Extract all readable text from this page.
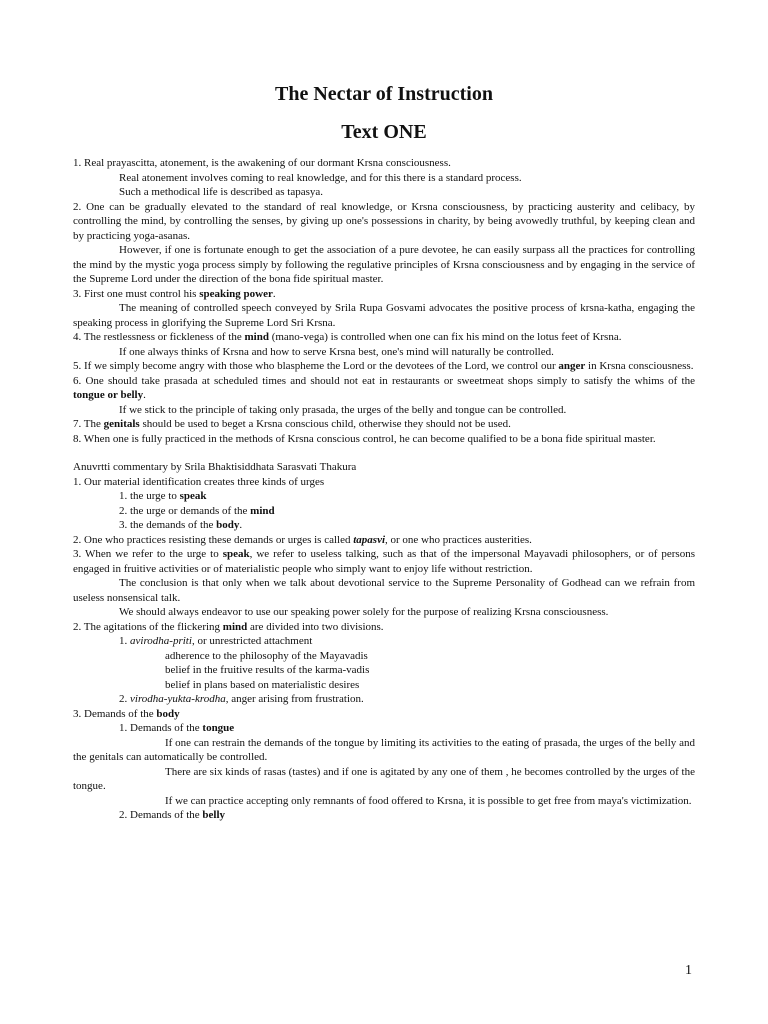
The Nectar of Instruction
Text ONE

1. Real prayascitta, atonement, is the awakening of our dormant Krsna consciousness.

Real atonement involves coming to real knowledge, and for this there is a standard process.

Such a methodical life is described as tapasya.

2. One can be gradually elevated to the standard of real knowledge, or Krsna consciousness, by practicing austerity and celibacy, by controlling the mind, by controlling the senses, by giving up one's possessions in charity, by being avowedly truthful, by keeping clean and by practicing yoga-asanas.

However, if one is fortunate enough to get the association of a pure devotee, he can easily surpass all the practices for controlling the mind by the mystic yoga process simply by following the regulative principles of Krsna consciousness and by engaging in the service of the Supreme Lord under the direction of the bona fide spiritual master.

3. First one must control his speaking power.

The meaning of controlled speech conveyed by Srila Rupa Gosvami advocates the positive process of krsna-katha, engaging the speaking process in glorifying the Supreme Lord Sri Krsna.

4. The restlessness or fickleness of the mind (mano-vega) is controlled when one can fix his mind on the lotus feet of Krsna.

If one always thinks of Krsna and how to serve Krsna best, one's mind will naturally be controlled.

5. If we simply become angry with those who blaspheme the Lord or the devotees of the Lord, we control our anger in Krsna consciousness.

6. One should take prasada at scheduled times and should not eat in restaurants or sweetmeat shops simply to satisfy the whims of the tongue or belly.

If we stick to the principle of taking only prasada, the urges of the belly and tongue can be controlled.

7. The genitals should be used to beget a Krsna conscious child, otherwise they should not be used.

8. When one is fully practiced in the methods of Krsna conscious control, he can become qualified to be a bona fide spiritual master.

Anuvrtti commentary by Srila Bhaktisiddhata Sarasvati Thakura

1. Our material identification creates three kinds of urges

1. the urge to speak

2. the urge or demands of the mind

3. the demands of the body.

2. One who practices resisting these demands or urges is called tapasvi, or one who practices austerities.

3. When we refer to the urge to speak, we refer to useless talking, such as that of the impersonal Mayavadi philosophers, or of persons engaged in fruitive activities or of materialistic people who simply want to enjoy life without restriction.

The conclusion is that only when we talk about devotional service to the Supreme Personality of Godhead can we refrain from useless nonsensical talk.

We should always endeavor to use our speaking power solely for the purpose of realizing Krsna consciousness.

2. The agitations of the flickering mind are divided into two divisions.

1. avirodha-priti, or unrestricted attachment

adherence to the philosophy of the Mayavadis

belief in the fruitive results of the karma-vadis

belief in plans based on materialistic desires

2. virodha-yukta-krodha, anger arising from frustration.

3. Demands of the body

1. Demands of the tongue

If one can restrain the demands of the tongue by limiting its activities to the eating of prasada, the urges of the belly and the genitals can automatically be controlled.

There are six kinds of rasas (tastes) and if one is agitated by any one of them , he becomes controlled by the urges of the tongue.

If we can practice accepting only remnants of food offered to Krsna, it is possible to get free from maya's victimization.

2. Demands of the belly

1
